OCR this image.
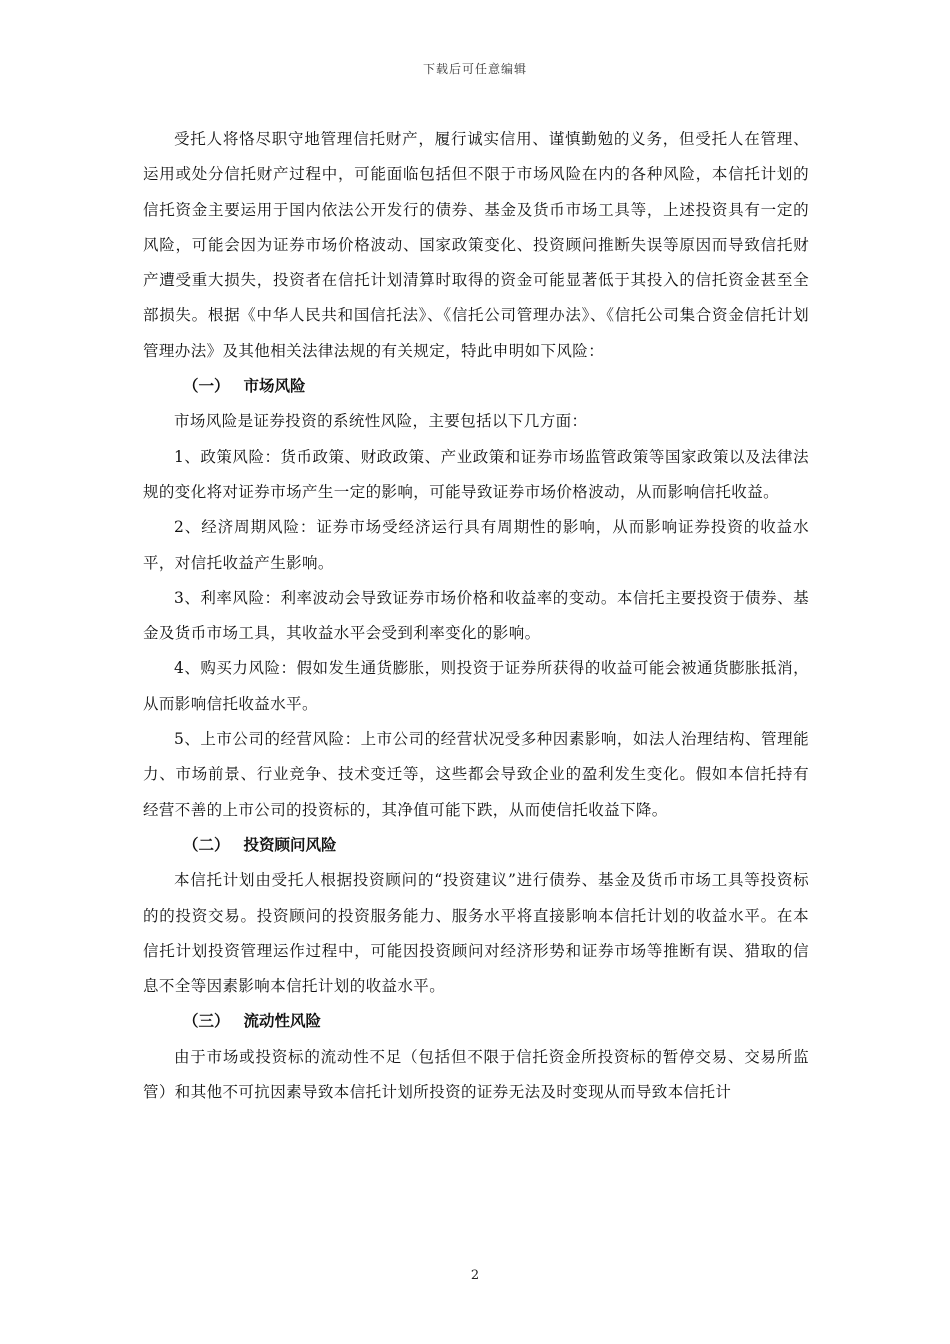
下载后可任意编辑

受托人将恪尽职守地管理信托财产，履行诚实信用、谨慎勤勉的义务，但受托人在管理、运用或处分信托财产过程中，可能面临包括但不限于市场风险在内的各种风险，本信托计划的信托资金主要运用于国内依法公开发行的债券、基金及货币市场工具等，上述投资具有一定的风险，可能会因为证券市场价格波动、国家政策变化、投资顾问推断失误等原因而导致信托财产遭受重大损失，投资者在信托计划清算时取得的资金可能显著低于其投入的信托资金甚至全部损失。根据《中华人民共和国信托法》、《信托公司管理办法》、《信托公司集合资金信托计划管理办法》及其他相关法律法规的有关规定，特此申明如下风险：

（一） 市场风险

市场风险是证券投资的系统性风险，主要包括以下几方面：

1、政策风险：货币政策、财政政策、产业政策和证券市场监管政策等国家政策以及法律法规的变化将对证券市场产生一定的影响，可能导致证券市场价格波动，从而影响信托收益。

2、经济周期风险：证券市场受经济运行具有周期性的影响，从而影响证券投资的收益水平，对信托收益产生影响。

3、利率风险：利率波动会导致证券市场价格和收益率的变动。本信托主要投资于债券、基金及货币市场工具，其收益水平会受到利率变化的影响。

4、购买力风险：假如发生通货膨胀，则投资于证券所获得的收益可能会被通货膨胀抵消，从而影响信托收益水平。

5、上市公司的经营风险：上市公司的经营状况受多种因素影响，如法人治理结构、管理能力、市场前景、行业竞争、技术变迁等，这些都会导致企业的盈利发生变化。假如本信托持有经营不善的上市公司的投资标的，其净值可能下跌，从而使信托收益下降。

（二） 投资顾问风险

本信托计划由受托人根据投资顾问的“投资建议”进行债券、基金及货币市场工具等投资标的的投资交易。投资顾问的投资服务能力、服务水平将直接影响本信托计划的收益水平。在本信托计划投资管理运作过程中，可能因投资顾问对经济形势和证券市场等推断有误、猎取的信息不全等因素影响本信托计划的收益水平。

（三） 流动性风险

由于市场或投资标的流动性不足（包括但不限于信托资金所投资标的暂停交易、交易所监管）和其他不可抗因素导致本信托计划所投资的证券无法及时变现从而导致本信托计

2
